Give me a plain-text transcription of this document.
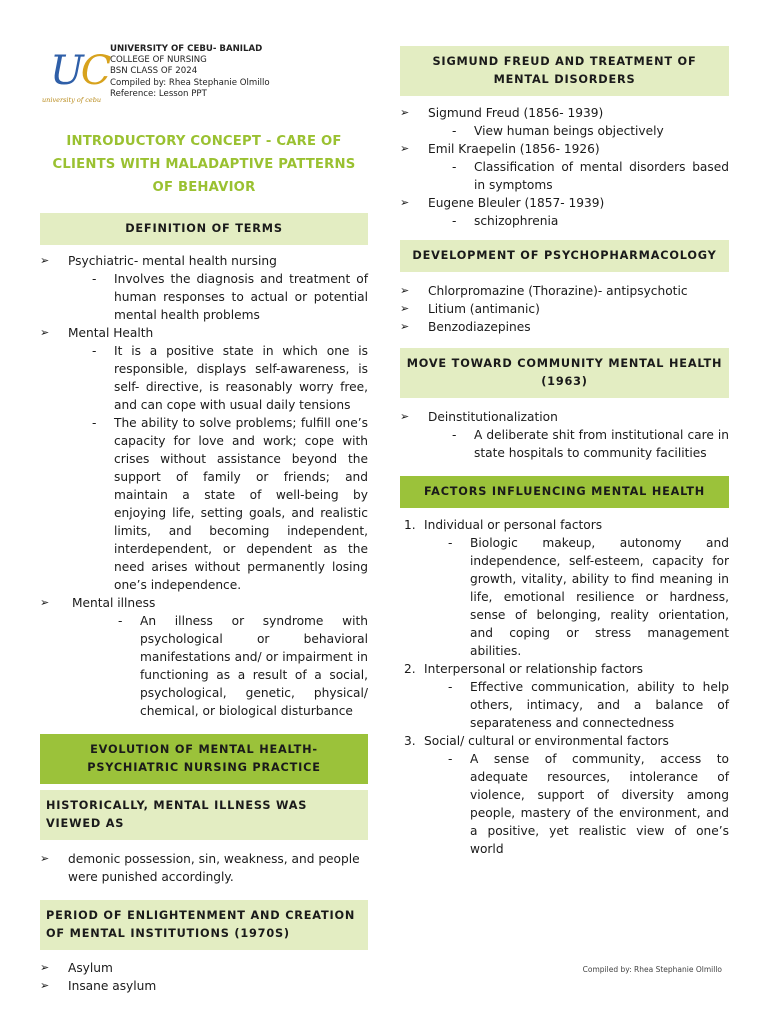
UC
university of cebu
UNIVERSITY OF CEBU- BANILAD
COLLEGE OF NURSING
BSN CLASS OF 2024
Compiled by: Rhea Stephanie Olmillo
Reference: Lesson PPT
INTRODUCTORY CONCEPT - CARE OF CLIENTS WITH MALADAPTIVE PATTERNS OF BEHAVIOR
DEFINITION OF TERMS
➢ Psychiatric- mental health nursing
- Involves the diagnosis and treatment of human responses to actual or potential mental health problems
➢ Mental Health
- It is a positive state in which one is responsible, displays self-awareness, is self- directive, is reasonably worry free, and can cope with usual daily tensions
- The ability to solve problems; fulfill one’s capacity for love and work; cope with crises without assistance beyond the support of family or friends; and maintain a state of well-being by enjoying life, setting goals, and realistic limits, and becoming independent, interdependent, or dependent as the need arises without permanently losing one’s independence.
➢ Mental illness
- An illness or syndrome with psychological or behavioral manifestations and/ or impairment in functioning as a result of a social, psychological, genetic, physical/ chemical, or biological disturbance
EVOLUTION OF MENTAL HEALTH- PSYCHIATRIC NURSING PRACTICE
HISTORICALLY, MENTAL ILLNESS WAS VIEWED AS
➢ demonic possession, sin, weakness, and people were punished accordingly.
PERIOD OF ENLIGHTENMENT AND CREATION OF MENTAL INSTITUTIONS (1970S)
➢ Asylum
➢ Insane asylum
SIGMUND FREUD AND TREATMENT OF MENTAL DISORDERS
➢ Sigmund Freud (1856- 1939)
- View human beings objectively
➢ Emil Kraepelin (1856- 1926)
- Classification of mental disorders based in symptoms
➢ Eugene Bleuler (1857- 1939)
- schizophrenia
DEVELOPMENT OF PSYCHOPHARMACOLOGY
➢ Chlorpromazine (Thorazine)- antipsychotic
➢ Litium (antimanic)
➢ Benzodiazepines
MOVE TOWARD COMMUNITY MENTAL HEALTH (1963)
➢ Deinstitutionalization
- A deliberate shit from institutional care in state hospitals to community facilities
FACTORS INFLUENCING MENTAL HEALTH
1. Individual or personal factors
- Biologic makeup, autonomy and independence, self-esteem, capacity for growth, vitality, ability to find meaning in life, emotional resilience or hardness, sense of belonging, reality orientation, and coping or stress management abilities.
2. Interpersonal or relationship factors
- Effective communication, ability to help others, intimacy, and a balance of separateness and connectedness
3. Social/ cultural or environmental factors
- A sense of community, access to adequate resources, intolerance of violence, support of diversity among people, mastery of the environment, and a positive, yet realistic view of one’s world
Compiled by: Rhea Stephanie Olmillo
